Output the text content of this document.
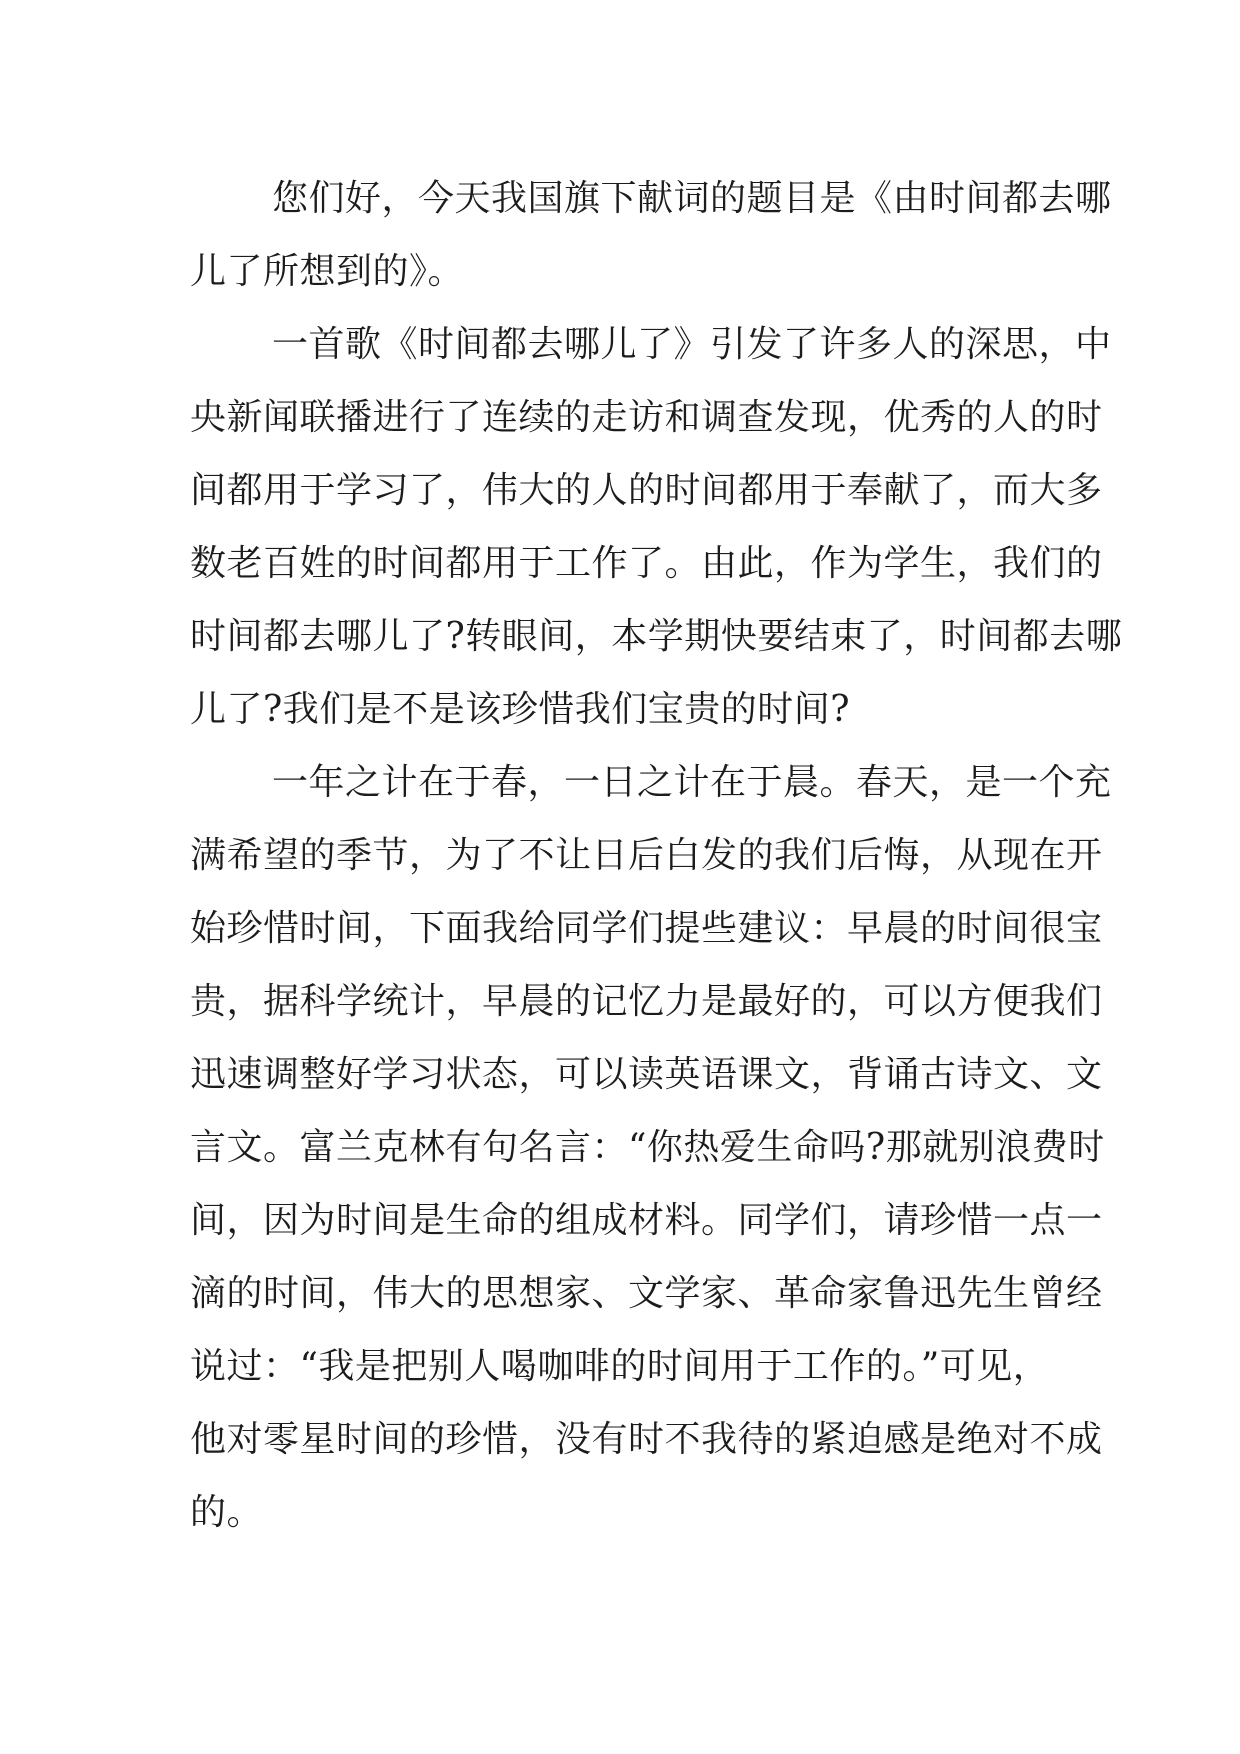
您们好，今天我国旗下献词的题目是《由时间都去哪
儿了所想到的》。
一首歌《时间都去哪儿了》引发了许多人的深思，中
央新闻联播进行了连续的走访和调查发现，优秀的人的时
间都用于学习了，伟大的人的时间都用于奉献了，而大多
数老百姓的时间都用于工作了。由此，作为学生，我们的
时间都去哪儿了?转眼间，本学期快要结束了，时间都去哪
儿了?我们是不是该珍惜我们宝贵的时间?
一年之计在于春，一日之计在于晨。春天，是一个充
满希望的季节，为了不让日后白发的我们后悔，从现在开
始珍惜时间，下面我给同学们提些建议：早晨的时间很宝
贵，据科学统计，早晨的记忆力是最好的，可以方便我们
迅速调整好学习状态，可以读英语课文，背诵古诗文、文
言文。富兰克林有句名言：“你热爱生命吗?那就别浪费时
间，因为时间是生命的组成材料。同学们，请珍惜一点一
滴的时间，伟大的思想家、文学家、革命家鲁迅先生曾经
说过：“我是把别人喝咖啡的时间用于工作的。”可见，
他对零星时间的珍惜，没有时不我待的紧迫感是绝对不成
的。
